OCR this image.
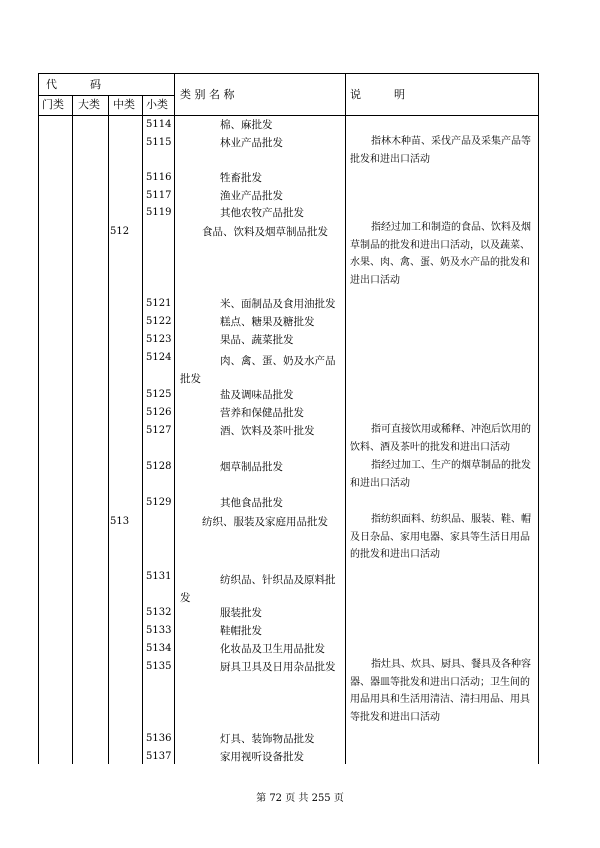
代　　　码
门类 大类 中类 小类
类 别 名 称	说　　　明
5114	棉、麻批发
5115	林业产品批发	指林木种苗、采伐产品及采集产品等批发和进出口活动
5116	牲畜批发
5117	渔业产品批发
5119	其他农牧产品批发
512	食品、饮料及烟草制品批发	指经过加工和制造的食品、饮料及烟草制品的批发和进出口活动，以及蔬菜、水果、肉、禽、蛋、奶及水产品的批发和进出口活动
5121	米、面制品及食用油批发
5122	糕点、糖果及糖批发
5123	果品、蔬菜批发
5124	肉、禽、蛋、奶及水产品批发
5125	盐及调味品批发
5126	营养和保健品批发
5127	酒、饮料及茶叶批发	指可直接饮用或稀释、冲泡后饮用的饮料、酒及茶叶的批发和进出口活动
5128	烟草制品批发	指经过加工、生产的烟草制品的批发和进出口活动
5129	其他食品批发
513	纺织、服装及家庭用品批发	指纺织面料、纺织品、服装、鞋、帽及日杂品、家用电器、家具等生活日用品的批发和进出口活动
5131	纺织品、针织品及原料批发
5132	服装批发
5133	鞋帽批发
5134	化妆品及卫生用品批发
5135	厨具卫具及日用杂品批发	指灶具、炊具、厨具、餐具及各种容器、器皿等批发和进出口活动；卫生间的用品用具和生活用清洁、清扫用品、用具等批发和进出口活动
5136	灯具、装饰物品批发
5137	家用视听设备批发
第 72 页 共 255 页
